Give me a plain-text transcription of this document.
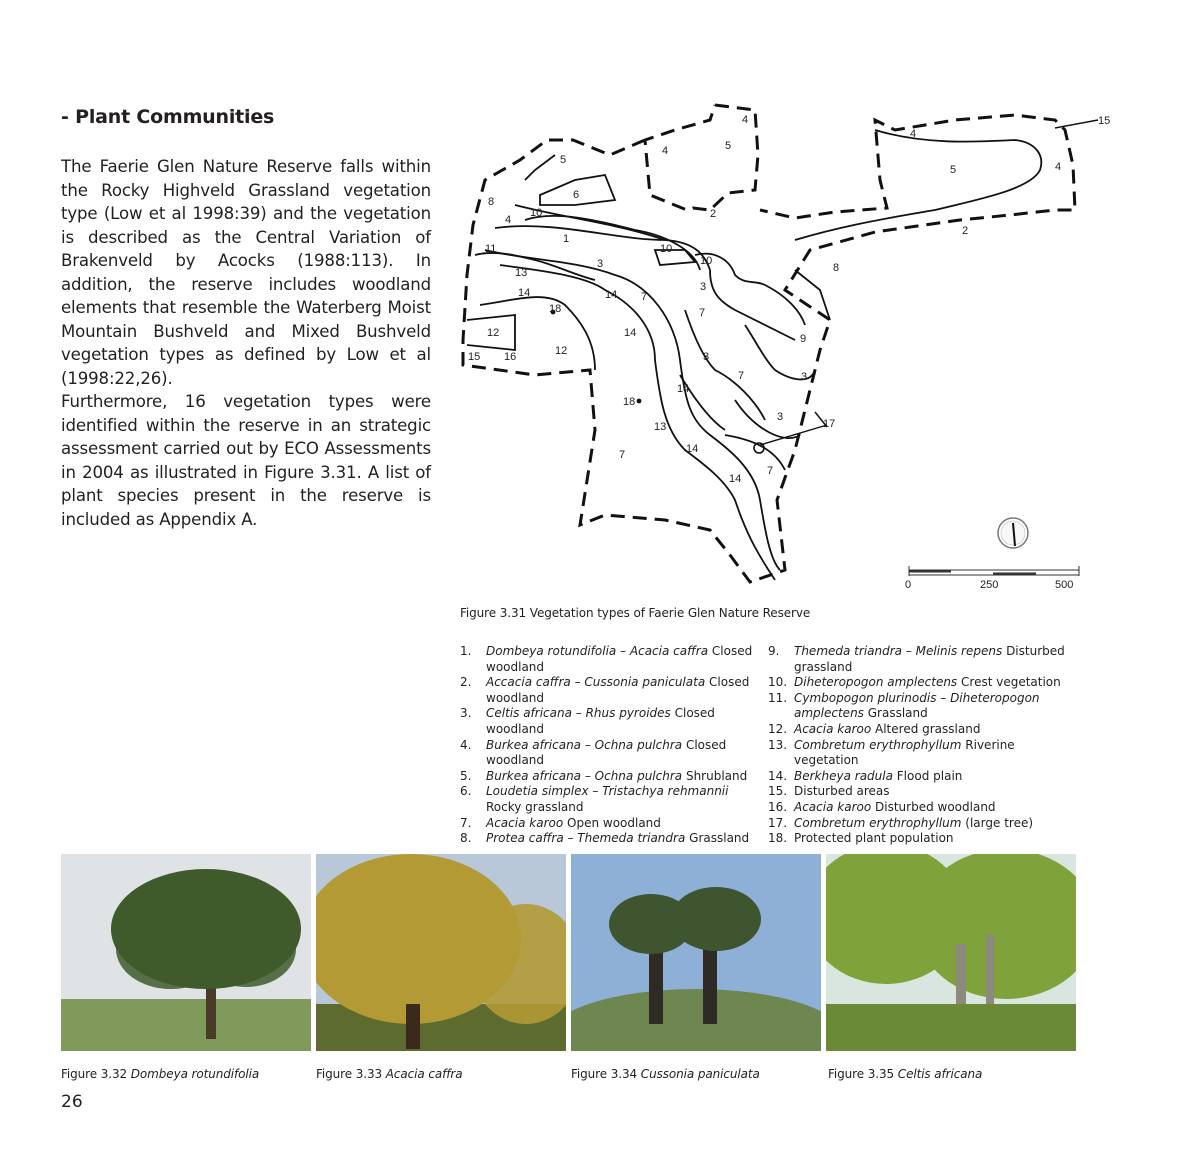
- Plant Communities

The Faerie Glen Nature Reserve falls within the Rocky Highveld Grassland vegetation type (Low et al 1998:39) and the vegetation is described as the Central Variation of Brakenveld by Acocks (1988:113). In addition, the reserve includes woodland elements that resemble the Waterberg Moist Mountain Bushveld and Mixed Bushveld vegetation types as defined by Low et al (1998:22,26).

Furthermore, 16 vegetation types were identified within the reserve in an strategic assessment carried out by ECO Assessments in 2004 as illustrated in Figure 3.31. A list of plant species present in the reserve is included as Appendix A.

4	15
4
5
4
5	4
5
6
8
4
10	2
2
1
11	10
10
8
3
13
3
14	14 7
18	7
12	14	9
15 16	12	3
3
7
14
18
17
13
3
14
7
7
14
0	250	500
Figure 3.31 Vegetation types of Faerie Glen Nature Reserve
1. Dombeya rotundifolia – Acacia caffra Closed woodland
2. Accacia caffra – Cussonia paniculata Closed woodland
3. Celtis africana – Rhus pyroides Closed woodland
4. Burkea africana – Ochna pulchra Closed woodland
5. Burkea africana – Ochna pulchra Shrubland
6. Loudetia simplex – Tristachya rehmannii Rocky grassland
7. Acacia karoo Open woodland
8. Protea caffra – Themeda triandra Grassland
9. Themeda triandra – Melinis repens Disturbed grassland
10. Diheteropogon amplectens Crest vegetation
11. Cymbopogon plurinodis – Diheteropogon amplectens Grassland
12. Acacia karoo Altered grassland
13. Combretum erythrophyllum Riverine vegetation
14. Berkheya radula Flood plain
15. Disturbed areas
16. Acacia karoo Disturbed woodland
17. Combretum erythrophyllum (large tree)
18. Protected plant population
Figure 3.32 Dombeya rotundifolia	Figure 3.33 Acacia caffra	Figure 3.34 Cussonia paniculata	Figure 3.35 Celtis africana
26
